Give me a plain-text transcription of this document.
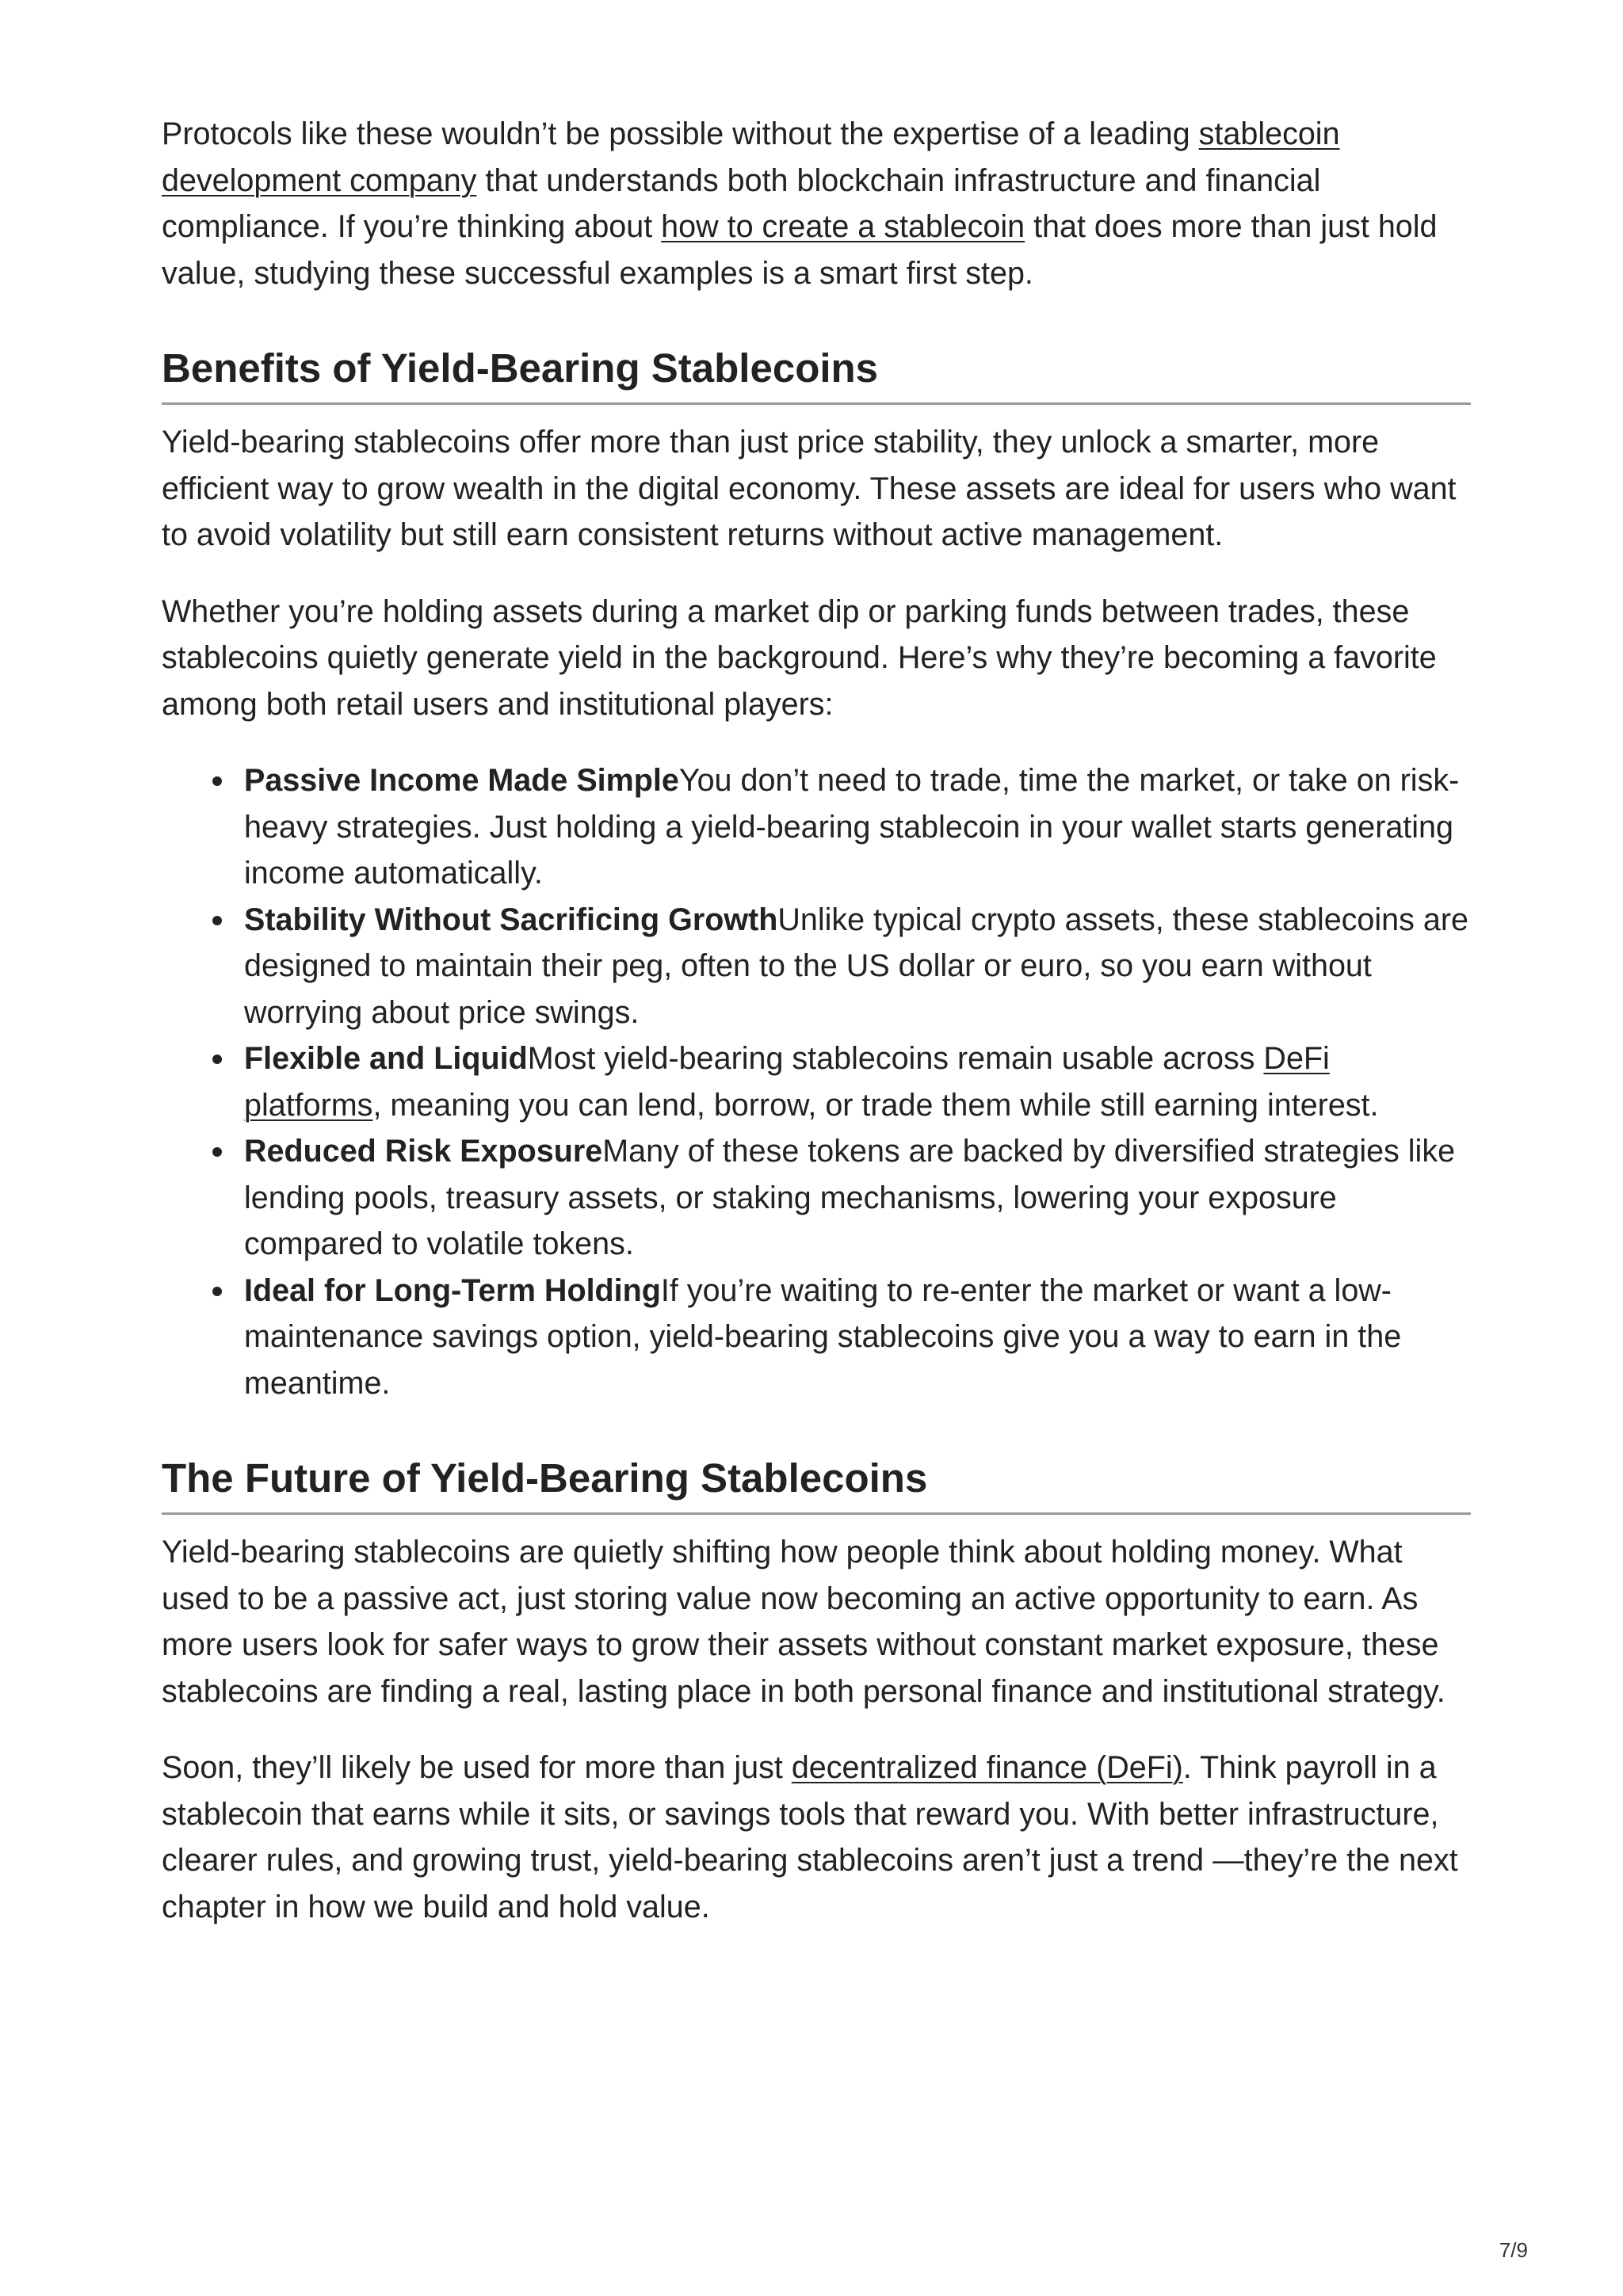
Protocols like these wouldn’t be possible without the expertise of a leading stablecoin development company that understands both blockchain infrastructure and financial compliance. If you’re thinking about how to create a stablecoin that does more than just hold value, studying these successful examples is a smart first step.

Benefits of Yield-Bearing Stablecoins

Yield-bearing stablecoins offer more than just price stability, they unlock a smarter, more efficient way to grow wealth in the digital economy. These assets are ideal for users who want to avoid volatility but still earn consistent returns without active management.

Whether you’re holding assets during a market dip or parking funds between trades, these stablecoins quietly generate yield in the background. Here’s why they’re becoming a favorite among both retail users and institutional players:

Passive Income Made SimpleYou don’t need to trade, time the market, or take on risk-heavy strategies. Just holding a yield-bearing stablecoin in your wallet starts generating income automatically.
Stability Without Sacrificing GrowthUnlike typical crypto assets, these stablecoins are designed to maintain their peg, often to the US dollar or euro, so you earn without worrying about price swings.
Flexible and LiquidMost yield-bearing stablecoins remain usable across DeFi platforms, meaning you can lend, borrow, or trade them while still earning interest.
Reduced Risk ExposureMany of these tokens are backed by diversified strategies like lending pools, treasury assets, or staking mechanisms, lowering your exposure compared to volatile tokens.
Ideal for Long-Term HoldingIf you’re waiting to re-enter the market or want a low-maintenance savings option, yield-bearing stablecoins give you a way to earn in the meantime.
The Future of Yield-Bearing Stablecoins

Yield-bearing stablecoins are quietly shifting how people think about holding money. What used to be a passive act, just storing value now becoming an active opportunity to earn. As more users look for safer ways to grow their assets without constant market exposure, these stablecoins are finding a real, lasting place in both personal finance and institutional strategy.

Soon, they’ll likely be used for more than just decentralized finance (DeFi). Think payroll in a stablecoin that earns while it sits, or savings tools that reward you. With better infrastructure, clearer rules, and growing trust, yield-bearing stablecoins aren’t just a trend —they’re the next chapter in how we build and hold value.

7/9
